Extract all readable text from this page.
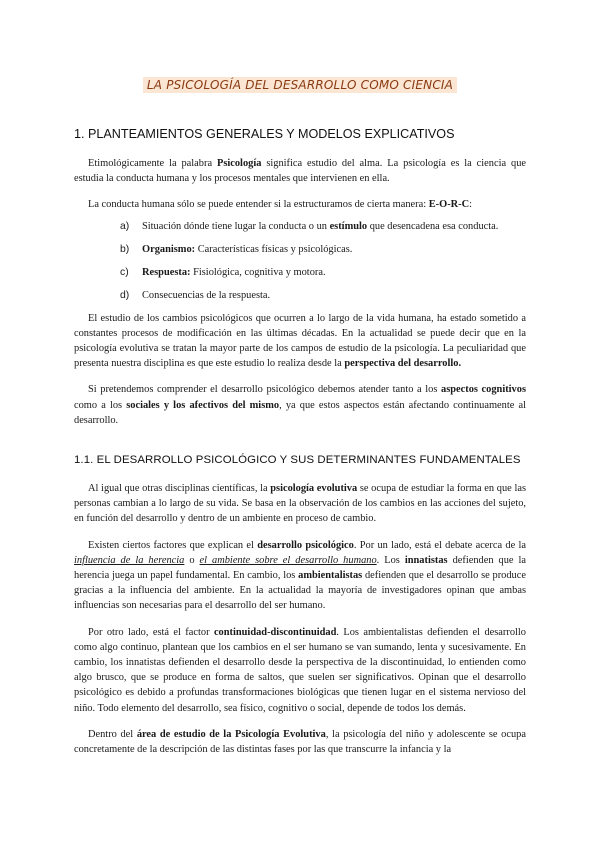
LA PSICOLOGÍA DEL DESARROLLO COMO CIENCIA
1. PLANTEAMIENTOS GENERALES Y MODELOS EXPLICATIVOS

Etimológicamente la palabra Psicología significa estudio del alma. La psicología es la ciencia que estudia la conducta humana y los procesos mentales que intervienen en ella.

La conducta humana sólo se puede entender si la estructuramos de cierta manera: E-O-R-C:

a)	Situación dónde tiene lugar la conducta o un estímulo que desencadena esa conducta.
b)	Organismo: Características físicas y psicológicas.
c)	Respuesta: Fisiológica, cognitiva y motora.
d)	Consecuencias de la respuesta.

El estudio de los cambios psicológicos que ocurren a lo largo de la vida humana, ha estado sometido a constantes procesos de modificación en las últimas décadas. En la actualidad se puede decir que en la psicología evolutiva se tratan la mayor parte de los campos de estudio de la psicología. La peculiaridad que presenta nuestra disciplina es que este estudio lo realiza desde la perspectiva del desarrollo.

Si pretendemos comprender el desarrollo psicológico debemos atender tanto a los aspectos cognitivos como a los sociales y los afectivos del mismo, ya que estos aspectos están afectando continuamente al desarrollo.

1.1. EL DESARROLLO PSICOLÓGICO Y SUS DETERMINANTES FUNDAMENTALES

Al igual que otras disciplinas científicas, la psicología evolutiva se ocupa de estudiar la forma en que las personas cambian a lo largo de su vida. Se basa en la observación de los cambios en las acciones del sujeto, en función del desarrollo y dentro de un ambiente en proceso de cambio.

Existen ciertos factores que explican el desarrollo psicológico. Por un lado, está el debate acerca de la influencia de la herencia o el ambiente sobre el desarrollo humano. Los innatistas defienden que la herencia juega un papel fundamental. En cambio, los ambientalistas defienden que el desarrollo se produce gracias a la influencia del ambiente. En la actualidad la mayoría de investigadores opinan que ambas influencias son necesarias para el desarrollo del ser humano.

Por otro lado, está el factor continuidad-discontinuidad. Los ambientalistas defienden el desarrollo como algo continuo, plantean que los cambios en el ser humano se van sumando, lenta y sucesivamente. En cambio, los innatistas defienden el desarrollo desde la perspectiva de la discontinuidad, lo entienden como algo brusco, que se produce en forma de saltos, que suelen ser significativos. Opinan que el desarrollo psicológico es debido a profundas transformaciones biológicas que tienen lugar en el sistema nervioso del niño. Todo elemento del desarrollo, sea físico, cognitivo o social, depende de todos los demás.

Dentro del área de estudio de la Psicología Evolutiva, la psicología del niño y adolescente se ocupa concretamente de la descripción de las distintas fases por las que transcurre la infancia y la
